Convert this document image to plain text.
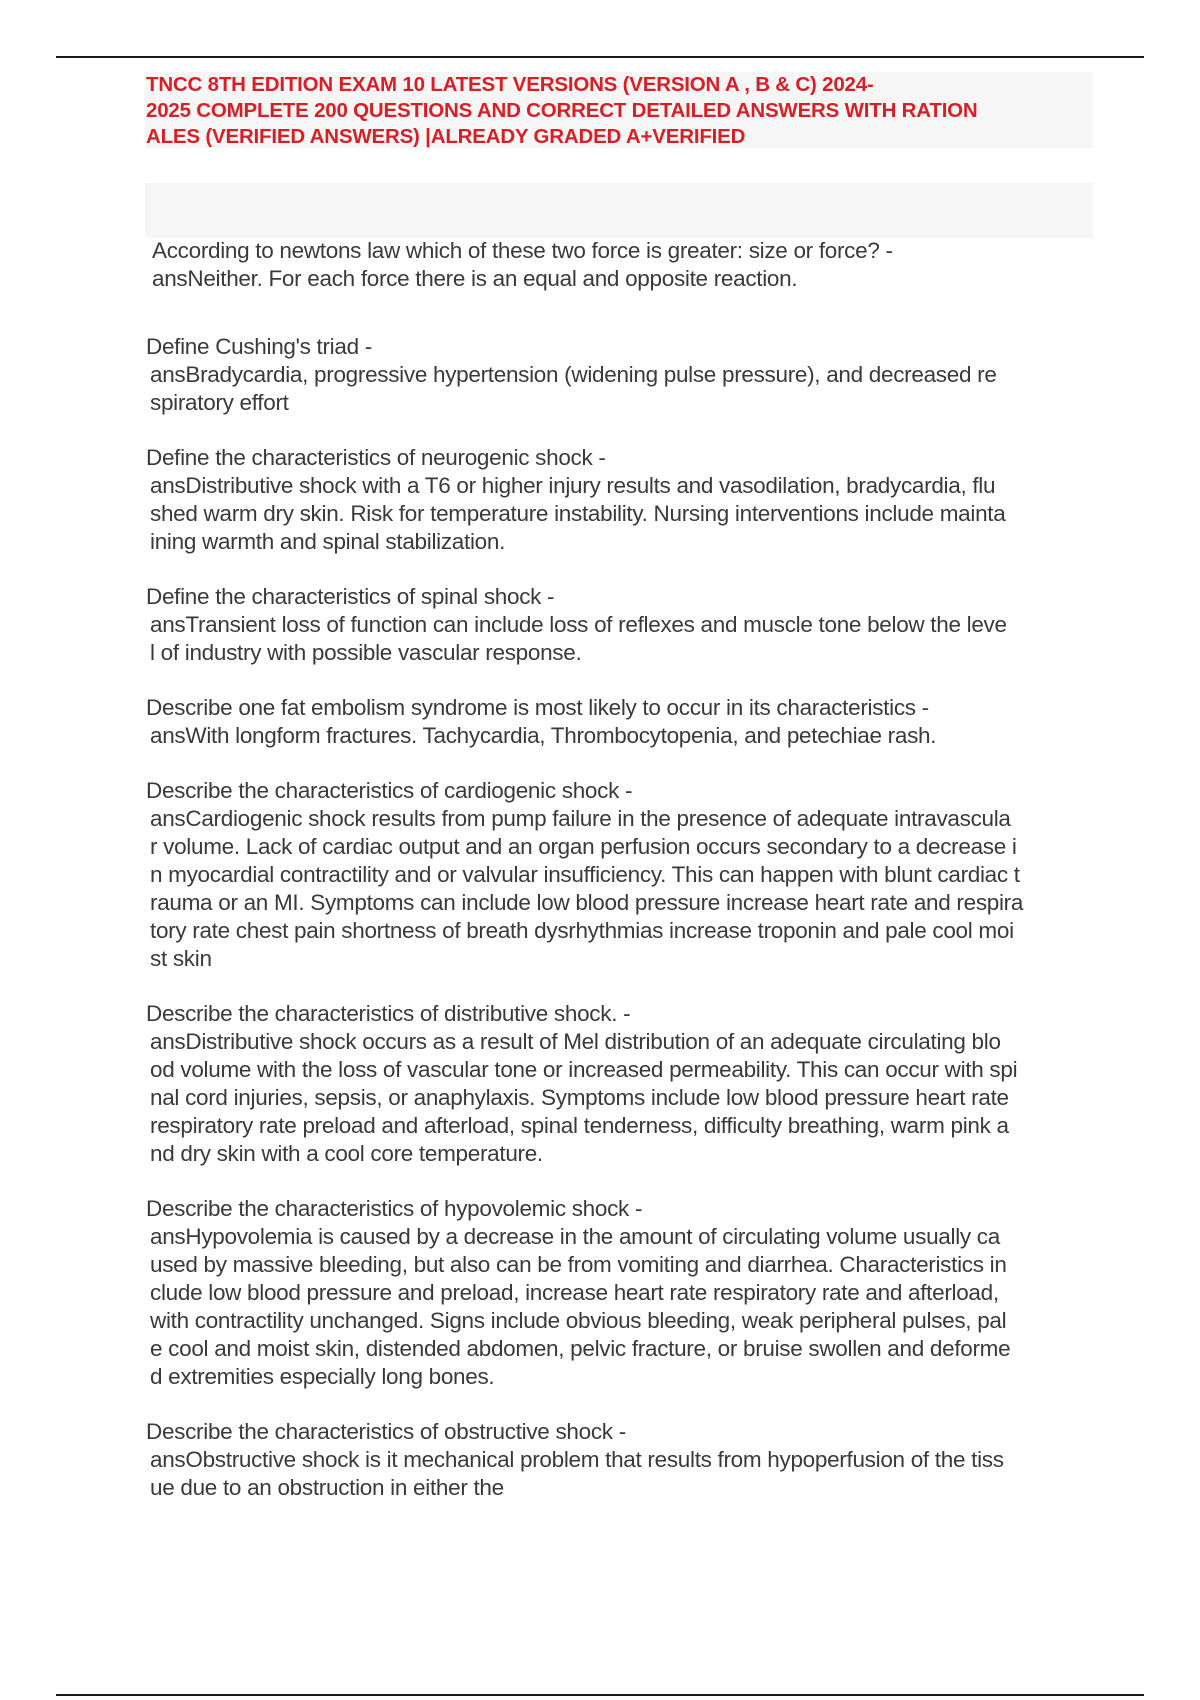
TNCC 8TH EDITION EXAM 10 LATEST VERSIONS (VERSION A , B & C) 2024-
2025 COMPLETE 200 QUESTIONS AND CORRECT DETAILED ANSWERS WITH RATION
ALES (VERIFIED ANSWERS) |ALREADY GRADED A+VERIFIED
According to newtons law which of these two force is greater: size or force? -
ansNeither. For each force there is an equal and opposite reaction.
Define Cushing's triad -
ansBradycardia, progressive hypertension (widening pulse pressure), and decreased re
spiratory effort
Define the characteristics of neurogenic shock -
ansDistributive shock with a T6 or higher injury results and vasodilation, bradycardia, flu
shed warm dry skin. Risk for temperature instability. Nursing interventions include mainta
ining warmth and spinal stabilization.
Define the characteristics of spinal shock -
ansTransient loss of function can include loss of reflexes and muscle tone below the leve
l of industry with possible vascular response.
Describe one fat embolism syndrome is most likely to occur in its characteristics -
ansWith longform fractures. Tachycardia, Thrombocytopenia, and petechiae rash.
Describe the characteristics of cardiogenic shock -
ansCardiogenic shock results from pump failure in the presence of adequate intravascula
r volume. Lack of cardiac output and an organ perfusion occurs secondary to a decrease i
n myocardial contractility and or valvular insufficiency. This can happen with blunt cardiac t
rauma or an MI. Symptoms can include low blood pressure increase heart rate and respira
tory rate chest pain shortness of breath dysrhythmias increase troponin and pale cool moi
st skin
Describe the characteristics of distributive shock. -
ansDistributive shock occurs as a result of Mel distribution of an adequate circulating blo
od volume with the loss of vascular tone or increased permeability. This can occur with spi
nal cord injuries, sepsis, or anaphylaxis. Symptoms include low blood pressure heart rate
respiratory rate preload and afterload, spinal tenderness, difficulty breathing, warm pink a
nd dry skin with a cool core temperature.
Describe the characteristics of hypovolemic shock -
ansHypovolemia is caused by a decrease in the amount of circulating volume usually ca
used by massive bleeding, but also can be from vomiting and diarrhea. Characteristics in
clude low blood pressure and preload, increase heart rate respiratory rate and afterload,
with contractility unchanged. Signs include obvious bleeding, weak peripheral pulses, pal
e cool and moist skin, distended abdomen, pelvic fracture, or bruise swollen and deforme
d extremities especially long bones.
Describe the characteristics of obstructive shock -
ansObstructive shock is it mechanical problem that results from hypoperfusion of the tiss
ue due to an obstruction in either the
